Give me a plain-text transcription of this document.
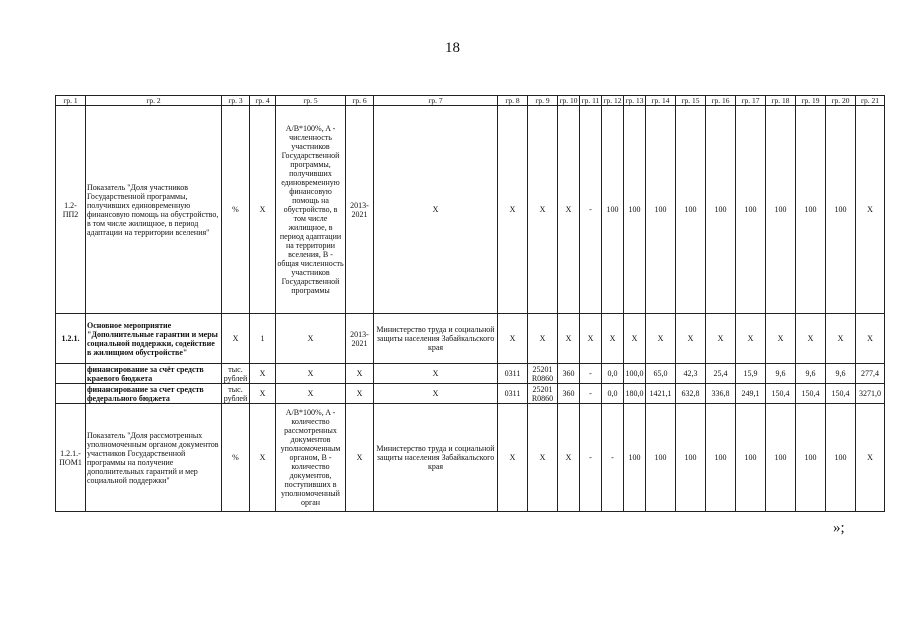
18
гр. 1	гр. 2	гр. 3	гр. 4	гр. 5	гр. 6	гр. 7	гр. 8	гр. 9	гр. 10	гр. 11	гр. 12	гр. 13	гр. 14	гр. 15	гр. 16	гр. 17	гр. 18	гр. 19	гр. 20	гр. 21
1.2-ПП2	Показатель "Доля участников Государственной программы, получивших единовременную финансовую помощь на обустройство, в том числе жилищное, в период адаптации на территории вселения"	%	X	A/B*100%, A - численность участников Государственной программы, получивших единовременную финансовую помощь на обустройство, в том числе жилищное, в период адаптации на территории вселения, B - общая численность участников Государственной программы	2013-2021	X	X	X	X	-	100	100	100	100	100	100	100	100	100	X
1.2.1.	Основное мероприятие "Дополнительные гарантии и меры социальной поддержки, содействие в жилищном обустройстве"	X	1	X	2013-2021	Министерство труда и социальной защиты населения Забайкальского края	X	X	X	X	X	X	X	X	X	X	X	X	X	X
	финансирование за счёт средств краевого бюджета	тыс. рублей	X	X	X	X	0311	25201 R0860	360	-	0,0	100,0	65,0	42,3	25,4	15,9	9,6	9,6	9,6	277,4
	финансирование за счет средств федерального бюджета	тыс. рублей	X	X	X	X	0311	25201 R0860	360	-	0,0	180,0	1421,1	632,8	336,8	249,1	150,4	150,4	150,4	3271,0
1.2.1.-ПОМ1	Показатель "Доля рассмотренных уполномоченным органом документов участников Государственной программы на получение дополнительных гарантий и мер социальной поддержки"	%	X	A/B*100%, A - количество рассмотренных документов уполномоченным органом, B - количество документов, поступивших в уполномоченный орган	X	Министерство труда и социальной защиты населения Забайкальского края	X	X	X	-	-	100	100	100	100	100	100	100	100	X
»;
